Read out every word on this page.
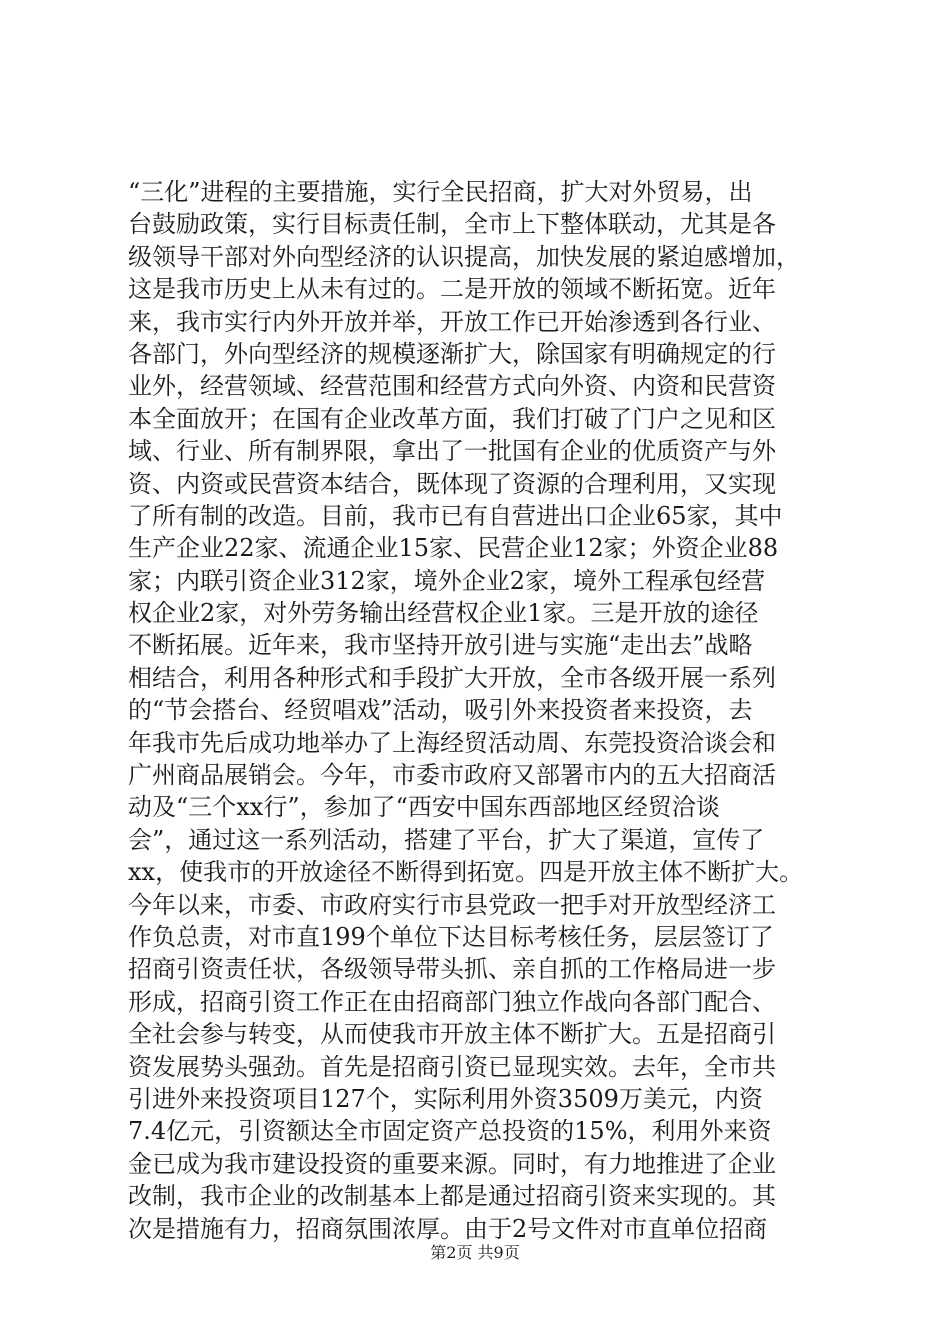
“三化”进程的主要措施，实行全民招商，扩大对外贸易，出
台鼓励政策，实行目标责任制，全市上下整体联动，尤其是各
级领导干部对外向型经济的认识提高，加快发展的紧迫感增加，
这是我市历史上从未有过的。二是开放的领域不断拓宽。近年
来，我市实行内外开放并举，开放工作已开始渗透到各行业、
各部门，外向型经济的规模逐渐扩大，除国家有明确规定的行
业外，经营领域、经营范围和经营方式向外资、内资和民营资
本全面放开；在国有企业改革方面，我们打破了门户之见和区
域、行业、所有制界限，拿出了一批国有企业的优质资产与外
资、内资或民营资本结合，既体现了资源的合理利用，又实现
了所有制的改造。目前，我市已有自营进出口企业65家，其中
生产企业22家、流通企业15家、民营企业12家；外资企业88
家；内联引资企业312家，境外企业2家，境外工程承包经营
权企业2家，对外劳务输出经营权企业1家。三是开放的途径
不断拓展。近年来，我市坚持开放引进与实施“走出去”战略
相结合，利用各种形式和手段扩大开放，全市各级开展一系列
的“节会搭台、经贸唱戏”活动，吸引外来投资者来投资，去
年我市先后成功地举办了上海经贸活动周、东莞投资洽谈会和
广州商品展销会。今年，市委市政府又部署市内的五大招商活
动及“三个xx行”，参加了“西安中国东西部地区经贸洽谈
会”，通过这一系列活动，搭建了平台，扩大了渠道，宣传了
xx，使我市的开放途径不断得到拓宽。四是开放主体不断扩大。
今年以来，市委、市政府实行市县党政一把手对开放型经济工
作负总责，对市直199个单位下达目标考核任务，层层签订了
招商引资责任状，各级领导带头抓、亲自抓的工作格局进一步
形成，招商引资工作正在由招商部门独立作战向各部门配合、
全社会参与转变，从而使我市开放主体不断扩大。五是招商引
资发展势头强劲。首先是招商引资已显现实效。去年，全市共
引进外来投资项目127个，实际利用外资3509万美元，内资
7.4亿元，引资额达全市固定资产总投资的15%，利用外来资
金已成为我市建设投资的重要来源。同时，有力地推进了企业
改制，我市企业的改制基本上都是通过招商引资来实现的。其
次是措施有力，招商氛围浓厚。由于2号文件对市直单位招商
第2页 共9页
